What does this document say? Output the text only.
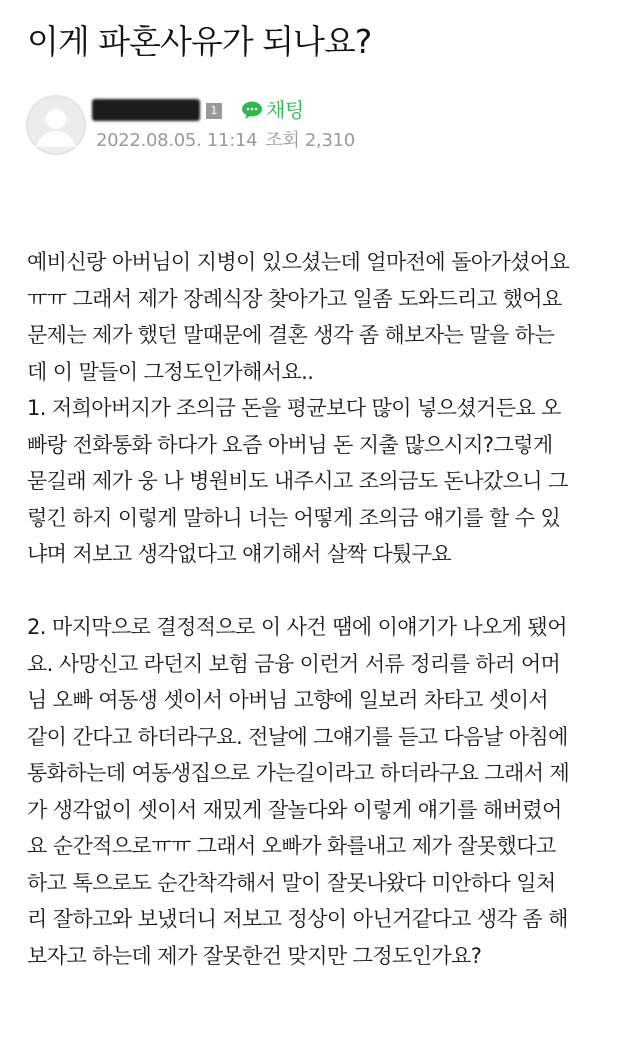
이게 파혼사유가 되나요?
1 채팅
2022.08.05. 11:14 조회 2,310
예비신랑 아버님이 지병이 있으셨는데 얼마전에 돌아가셨어요
ㅠㅠ 그래서 제가 장례식장 찾아가고 일좀 도와드리고 했어요
문제는 제가 했던 말때문에 결혼 생각 좀 해보자는 말을 하는
데 이 말들이 그정도인가해서요..
1. 저희아버지가 조의금 돈을 평균보다 많이 넣으셨거든요 오
빠랑 전화통화 하다가 요즘 아버님 돈 지출 많으시지?그렇게
묻길래 제가 웅 나 병원비도 내주시고 조의금도 돈나갔으니 그
렇긴 하지 이렇게 말하니 너는 어떻게 조의금 얘기를 할 수 있
냐며 저보고 생각없다고 얘기해서 살짝 다퉜구요
2. 마지막으로 결정적으로 이 사건 땜에 이얘기가 나오게 됐어
요. 사망신고 라던지 보험 금융 이런거 서류 정리를 하러 어머
님 오빠 여동생 셋이서 아버님 고향에 일보러 차타고 셋이서
같이 간다고 하더라구요. 전날에 그얘기를 듣고 다음날 아침에
통화하는데 여동생집으로 가는길이라고 하더라구요 그래서 제
가 생각없이 셋이서 재밌게 잘놀다와 이렇게 얘기를 해버렸어
요 순간적으로ㅠㅠ 그래서 오빠가 화를내고 제가 잘못했다고
하고 톡으로도 순간착각해서 말이 잘못나왔다 미안하다 일처
리 잘하고와 보냈더니 저보고 정상이 아닌거같다고 생각 좀 해
보자고 하는데 제가 잘못한건 맞지만 그정도인가요?
